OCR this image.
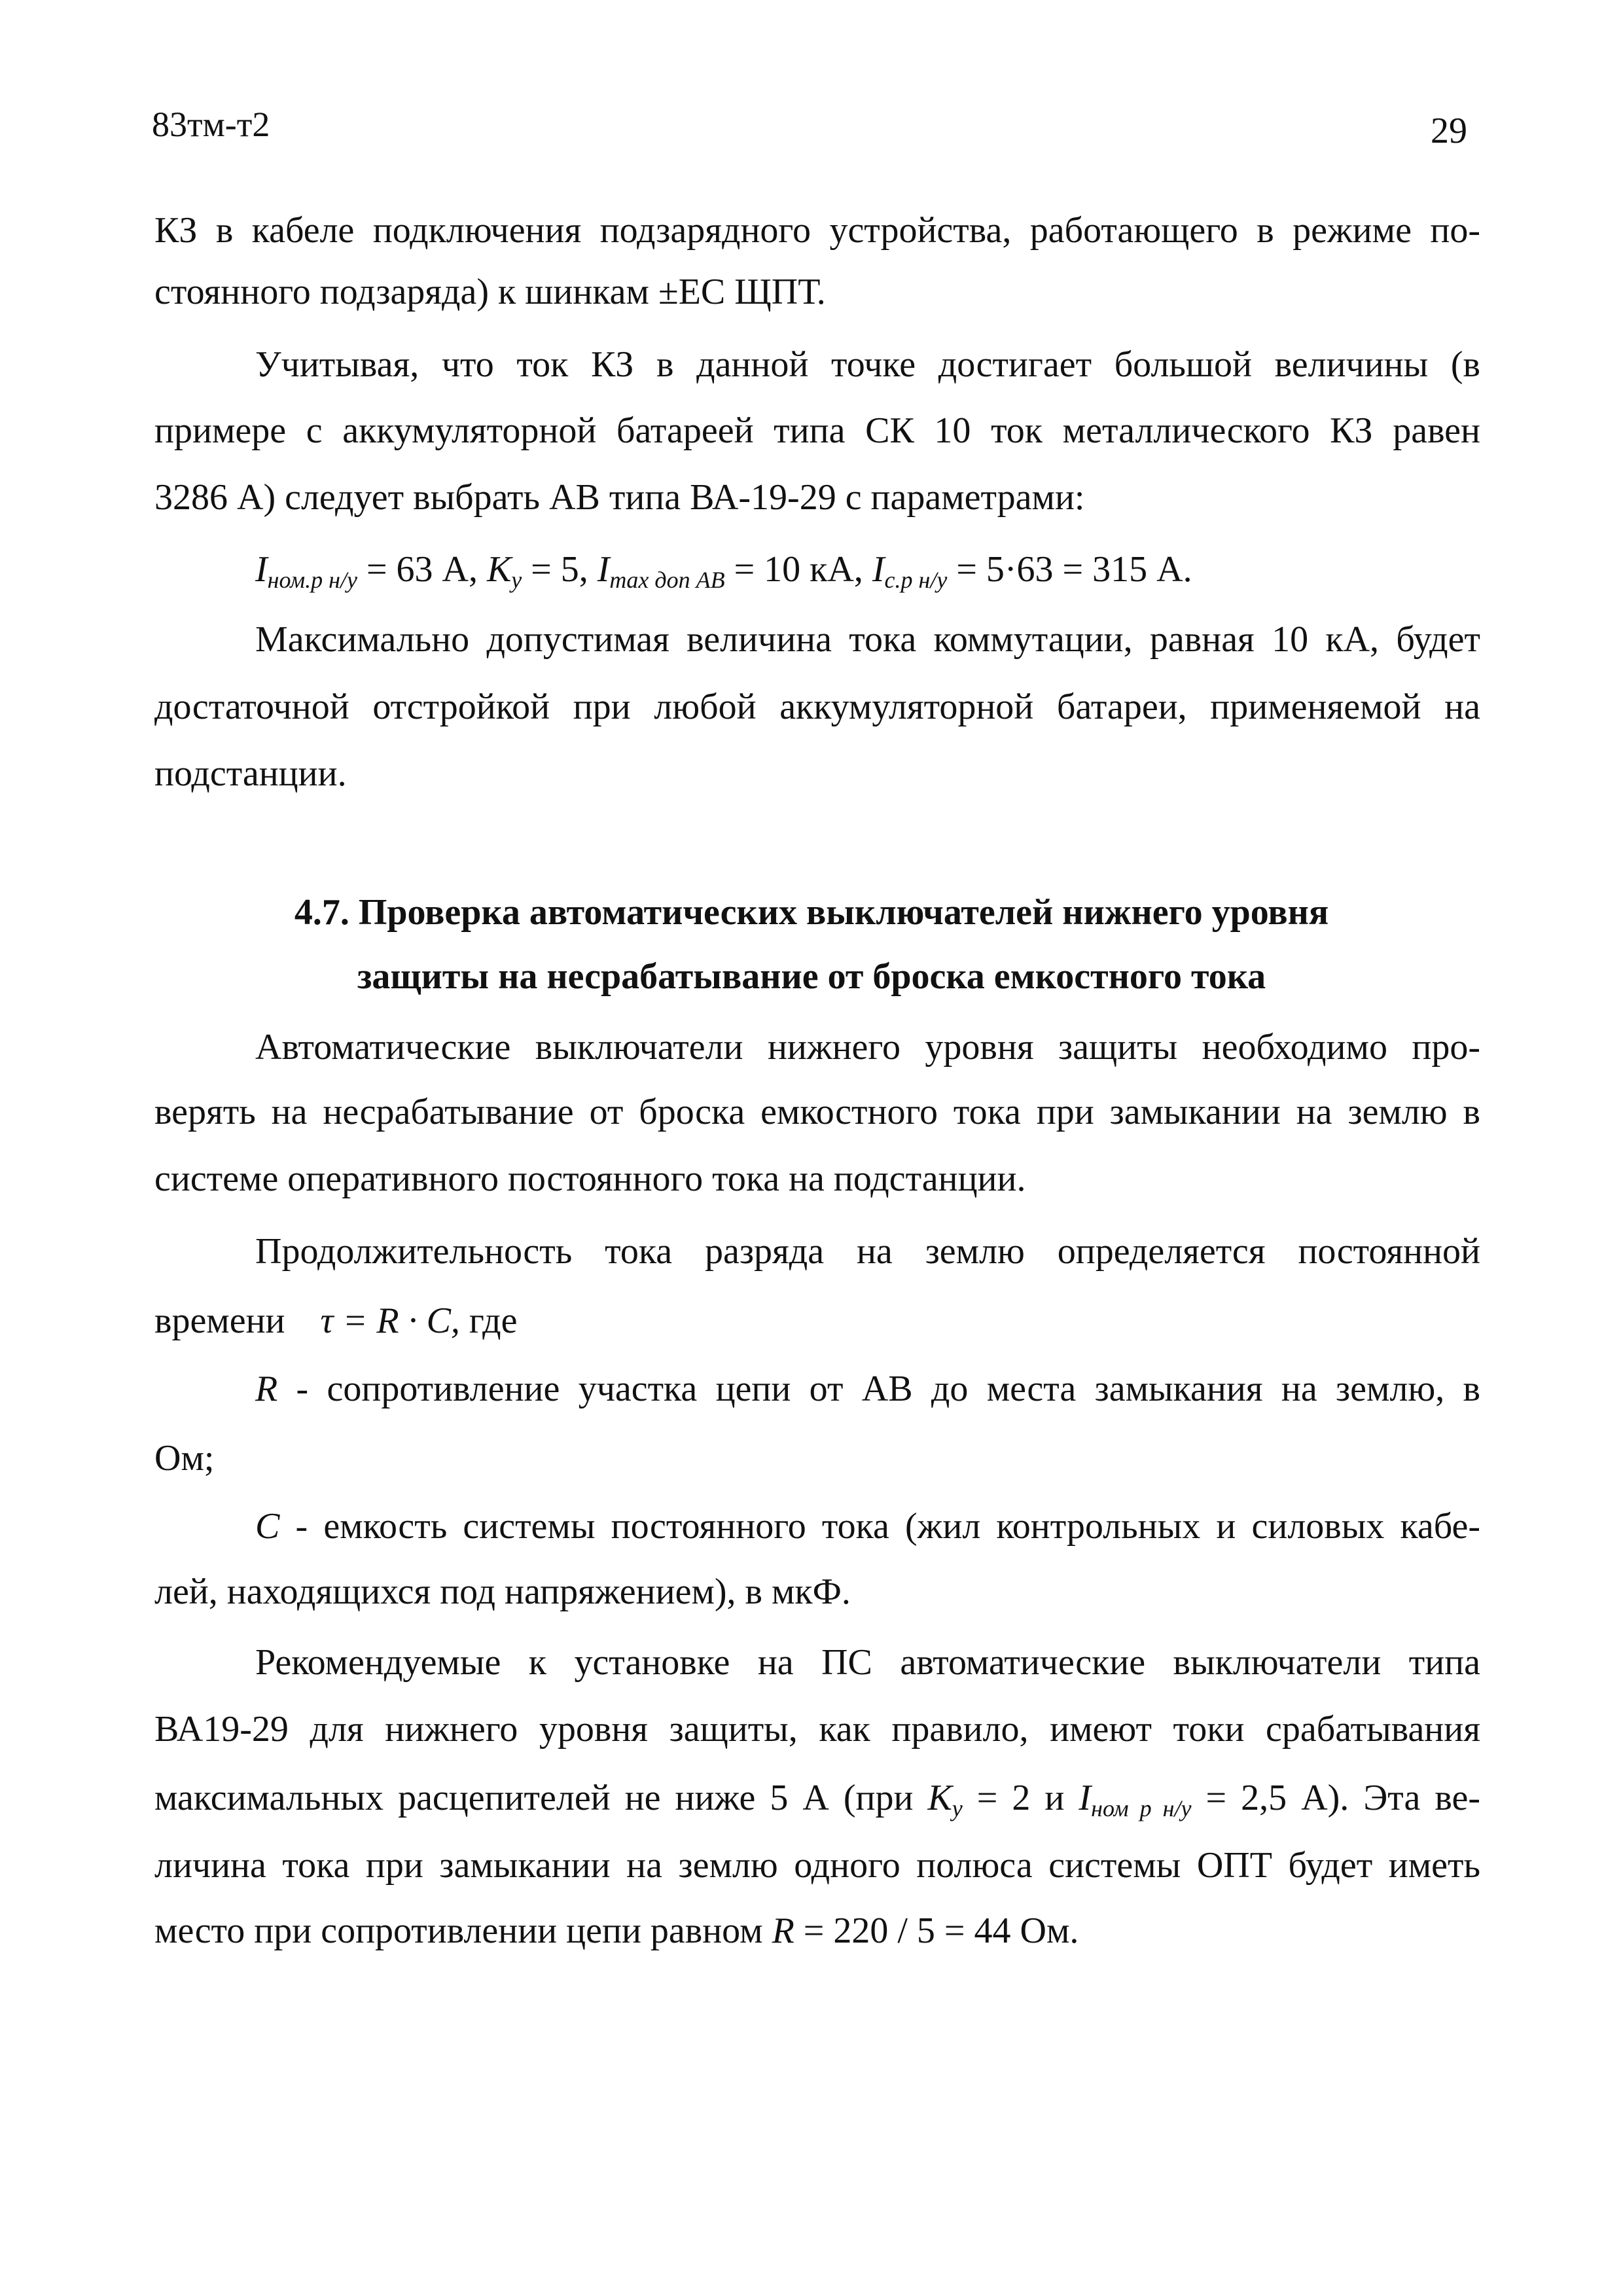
83тм-т2	29
КЗ в кабеле подключения подзарядного устройства, работающего в режиме по-
стоянного подзаряда) к шинкам ±ЕС ЩПТ.
Учитывая, что ток КЗ в данной точке достигает большой величины (в
примере с аккумуляторной батареей типа СК 10 ток металлического КЗ равен
3286 А) следует выбрать АВ типа ВА-19-29 с параметрами:
$I_{ном.р н/у} = 63$ А, $К_у = 5$, $I_{max доп АВ} = 10$ кА, $I_{с.р н/у} = 5\cdot 63 = 315$ А.
Максимально допустимая величина тока коммутации, равная 10 кА, будет
достаточной отстройкой при любой аккумуляторной батареи, применяемой на
подстанции.
4.7. Проверка автоматических выключателей нижнего уровня
защиты на несрабатывание от броска емкостного тока
Автоматические выключатели нижнего уровня защиты необходимо про-
верять на несрабатывание от броска емкостного тока при замыкании на землю в
системе оперативного постоянного тока на подстанции.
Продолжительность тока разряда на землю определяется постоянной
времени τ = R · C, где
R - сопротивление участка цепи от АВ до места замыкания на землю, в
Ом;
С - емкость системы постоянного тока (жил контрольных и силовых кабе-
лей, находящихся под напряжением), в мкФ.
Рекомендуемые к установке на ПС автоматические выключатели типа
ВА19-29 для нижнего уровня защиты, как правило, имеют токи срабатывания
максимальных расцепителей не ниже 5 А (при $К_у = 2$ и $I_{ном р н/у} = 2,5$ А). Эта ве-
личина тока при замыкании на землю одного полюса системы ОПТ будет иметь
место при сопротивлении цепи равном R = 220 / 5 = 44 Ом.
